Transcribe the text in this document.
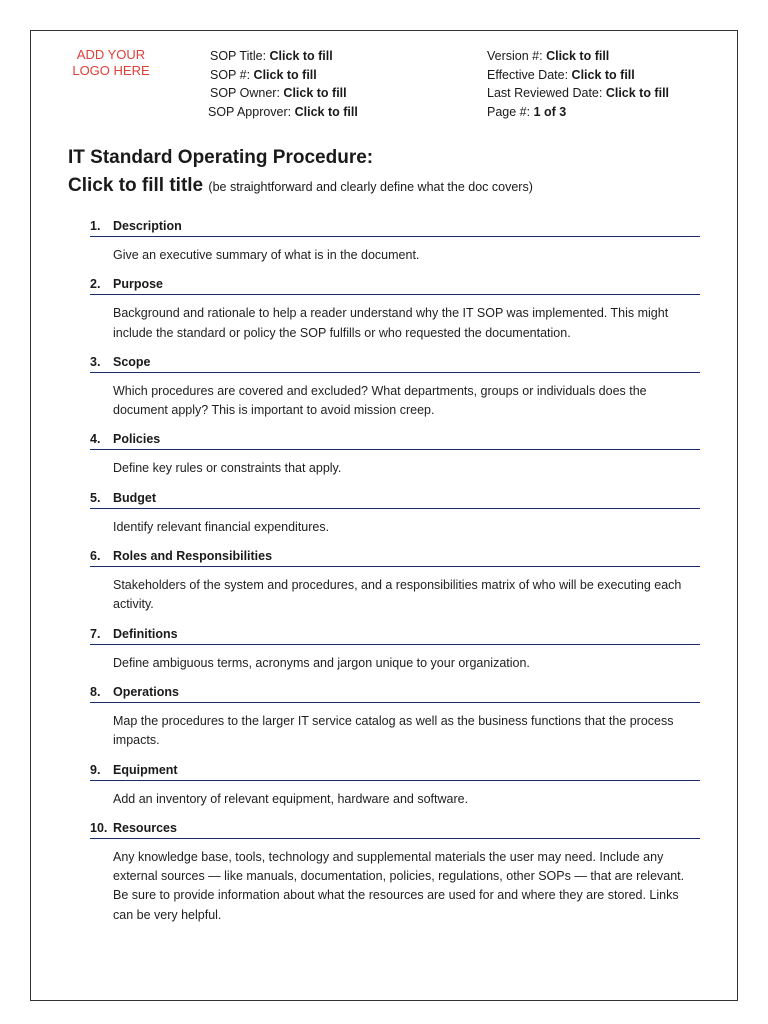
ADD YOUR
LOGO HERE
SOP Title: Click to fill
SOP #: Click to fill
SOP Owner: Click to fill
SOP Approver: Click to fill
Version #: Click to fill
Effective Date: Click to fill
Last Reviewed Date: Click to fill
Page #: 1 of 3
IT Standard Operating Procedure:
Click to fill title (be straightforward and clearly define what the doc covers)
1.	Description
Give an executive summary of what is in the document.
2.	Purpose
Background and rationale to help a reader understand why the IT SOP was implemented. This might include the standard or policy the SOP fulfills or who requested the documentation.
3.	Scope
Which procedures are covered and excluded? What departments, groups or individuals does the document apply? This is important to avoid mission creep.
4.	Policies
Define key rules or constraints that apply.
5.	Budget
Identify relevant financial expenditures.
6.	Roles and Responsibilities
Stakeholders of the system and procedures, and a responsibilities matrix of who will be executing each activity.
7.	Definitions
Define ambiguous terms, acronyms and jargon unique to your organization.
8.	Operations
Map the procedures to the larger IT service catalog as well as the business functions that the process impacts.
9.	Equipment
Add an inventory of relevant equipment, hardware and software.
10. Resources
Any knowledge base, tools, technology and supplemental materials the user may need. Include any external sources — like manuals, documentation, policies, regulations, other SOPs — that are relevant. Be sure to provide information about what the resources are used for and where they are stored. Links can be very helpful.
